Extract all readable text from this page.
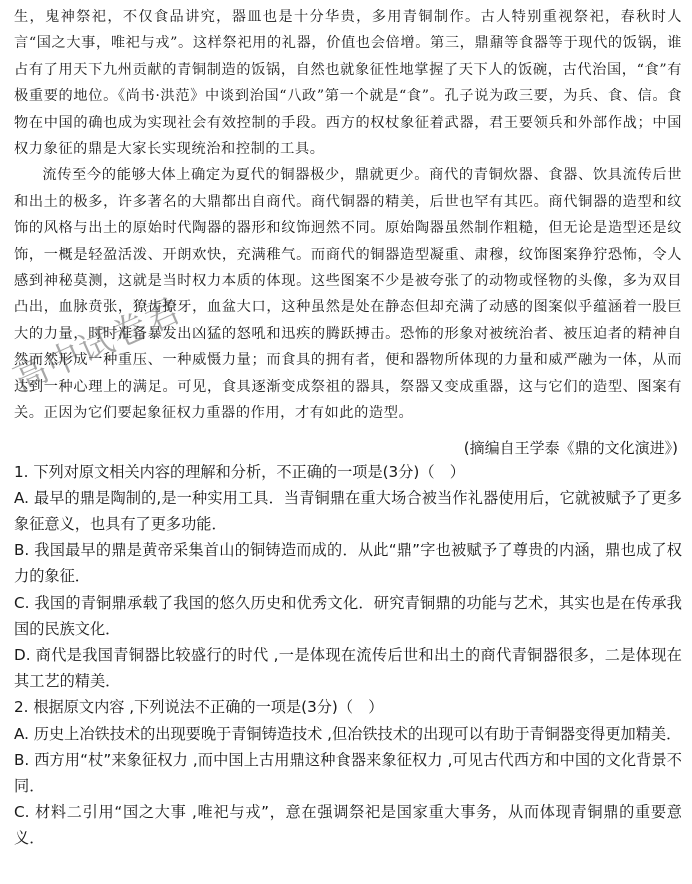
生，鬼神祭祀，不仅食品讲究，器皿也是十分华贵，多用青铜制作。古人特别重视祭祀，春秋时人言“国之大事，唯祀与戎”。这样祭祀用的礼器，价值也会倍增。第三，鼎鼐等食器等于现代的饭锅，谁占有了用天下九州贡献的青铜制造的饭锅，自然也就象征性地掌握了天下人的饭碗，古代治国，“食”有极重要的地位。《尚书·洪范》中谈到治国“八政”第一个就是“食”。孔子说为政三要，为兵、食、信。食物在中国的确也成为实现社会有效控制的手段。西方的权杖象征着武器，君王要领兵和外部作战；中国权力象征的鼎是大家长实现统治和控制的工具。

流传至今的能够大体上确定为夏代的铜器极少，鼎就更少。商代的青铜炊器、食器、饮具流传后世和出土的极多，许多著名的大鼎都出自商代。商代铜器的精美，后世也罕有其匹。商代铜器的造型和纹饰的风格与出土的原始时代陶器的器形和纹饰迥然不同。原始陶器虽然制作粗糙，但无论是造型还是纹饰，一概是轻盈活泼、开朗欢快，充满稚气。而商代的铜器造型凝重、肃穆，纹饰图案狰狞恐怖，令人感到神秘莫测，这就是当时权力本质的体现。这些图案不少是被夸张了的动物或怪物的头像，多为双目凸出，血脉贲张，獠齿撩牙，血盆大口，这种虽然是处在静态但却充满了动感的图案似乎蕴涵着一股巨大的力量，时时准备暴发出凶猛的怒吼和迅疾的腾跃搏击。恐怖的形象对被统治者、被压迫者的精神自然而然形成一种重压、一种威慑力量；而食具的拥有者，便和器物所体现的力量和威严融为一体，从而达到一种心理上的满足。可见，食具逐渐变成祭祖的器具，祭器又变成重器，这与它们的造型、图案有关。正因为它们要起象征权力重器的作用，才有如此的造型。

(摘编自王学泰《鼎的文化演进》)

1. 下列对原文相关内容的理解和分析，不正确的一项是(3分)（　）

A. 最早的鼎是陶制的,是一种实用工具．当青铜鼎在重大场合被当作礼器使用后，它就被赋予了更多象征意义，也具有了更多功能．

B. 我国最早的鼎是黄帝采集首山的铜铸造而成的．从此“鼎”字也被赋予了尊贵的内涵，鼎也成了权力的象征．

C. 我国的青铜鼎承载了我国的悠久历史和优秀文化．研究青铜鼎的功能与艺术，其实也是在传承我国的民族文化．

D. 商代是我国青铜器比较盛行的时代 ,一是体现在流传后世和出土的商代青铜器很多，二是体现在其工艺的精美．

2. 根据原文内容 ,下列说法不正确的一项是(3分)（　）

A. 历史上冶铁技术的出现要晚于青铜铸造技术 ,但冶铁技术的出现可以有助于青铜器变得更加精美．

B. 西方用“杖”来象征权力 ,而中国上古用鼎这种食器来象征权力 ,可见古代西方和中国的文化背景不同．

C. 材料二引用“国之大事 ,唯祀与戎”，意在强调祭祀是国家重大事务，从而体现青铜鼎的重要意义．

高中试卷君
